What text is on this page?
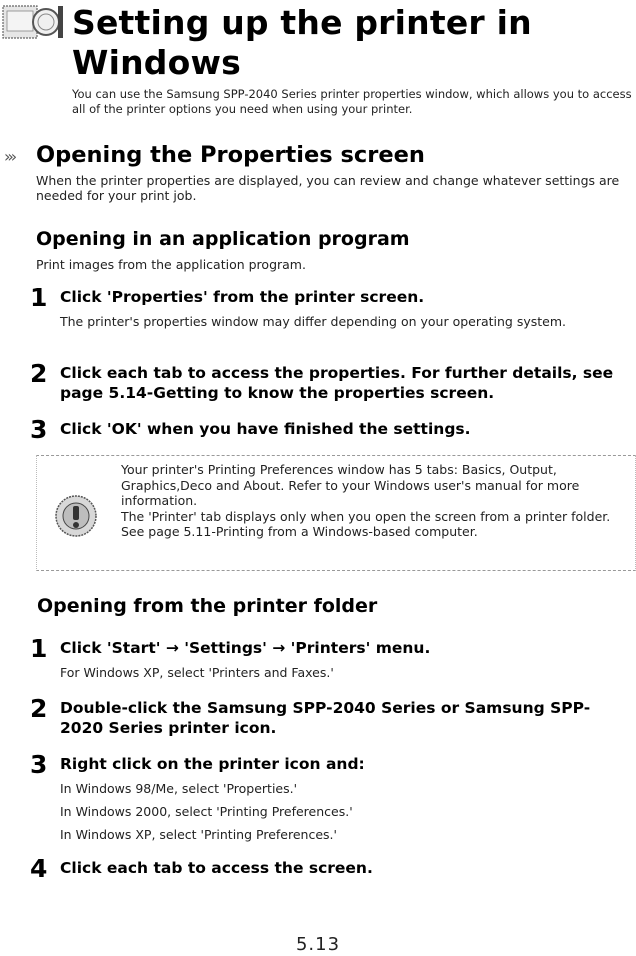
Setting up the printer in
Windows
You can use the Samsung SPP-2040 Series printer properties window, which allows you to access all of the printer options you need when using your printer.
››› Opening the Properties screen
When the printer properties are displayed, you can review and change whatever settings are needed for your print job.
Opening in an application program
Print images from the application program.
1 Click 'Properties' from the printer screen.
The printer's properties window may differ depending on your operating system.
2 Click each tab to access the properties. For further details, see page 5.14-Getting to know the properties screen.
3 Click 'OK' when you have finished the settings.

Your printer's Printing Preferences window has 5 tabs: Basics, Output, Graphics,Deco and About. Refer to your Windows user's manual for more information.

The 'Printer' tab displays only when you open the screen from a printer folder. See page 5.11-Printing from a Windows-based computer.

Opening from the printer folder
1 Click 'Start' → 'Settings' → 'Printers' menu.
For Windows XP, select 'Printers and Faxes.'
2 Double-click the Samsung SPP-2040 Series or Samsung SPP-2020 Series printer icon.
3 Right click on the printer icon and:
In Windows 98/Me, select 'Properties.'
In Windows 2000, select 'Printing Preferences.'
In Windows XP, select 'Printing Preferences.'
4 Click each tab to access the screen.
5.13
